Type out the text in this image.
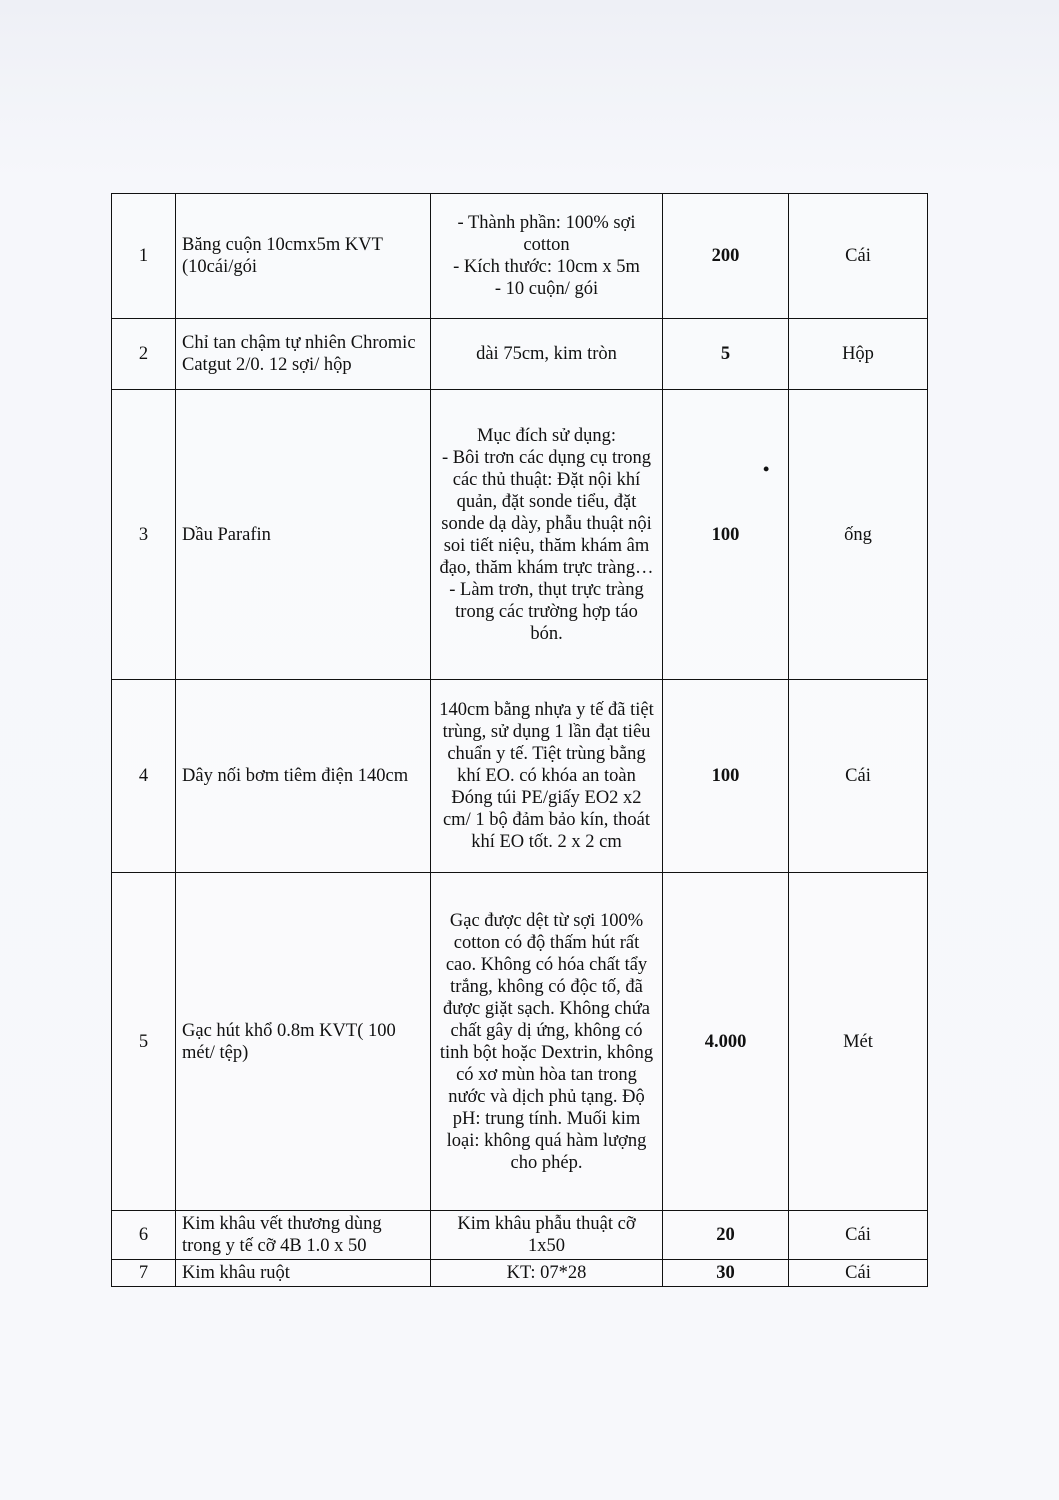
1	Băng cuộn 10cmx5m KVT (10cái/gói	- Thành phần: 100% sợi cotton
- Kích thước: 10cm x 5m
- 10 cuộn/ gói	200	Cái
2	Chỉ tan chậm tự nhiên Chromic Catgut 2/0. 12 sợi/ hộp	dài 75cm, kim tròn	5	Hộp
3	Dầu Parafin	Mục đích sử dụng:
- Bôi trơn các dụng cụ trong các thủ thuật: Đặt nội khí quản, đặt sonde tiểu, đặt sonde dạ dày, phẫu thuật nội soi tiết niệu, thăm khám âm đạo, thăm khám trực tràng…
- Làm trơn, thụt trực tràng trong các trường hợp táo bón.	100	ống
4	Dây nối bơm tiêm điện 140cm	140cm bằng nhựa y tế đã tiệt trùng, sử dụng 1 lần đạt tiêu chuẩn y tế. Tiệt trùng bằng khí EO. có khóa an toàn Đóng túi PE/giấy EO2 x2 cm/ 1 bộ đảm bảo kín, thoát khí EO tốt. 2 x 2 cm	100	Cái
5	Gạc hút khổ 0.8m KVT( 100 mét/ tệp)	Gạc được dệt từ sợi 100% cotton có độ thấm hút rất cao. Không có hóa chất tẩy trắng, không có độc tố, đã được giặt sạch. Không chứa chất gây dị ứng, không có tinh bột hoặc Dextrin, không có xơ mùn hòa tan trong nước và dịch phủ tạng. Độ pH: trung tính. Muối kim loại: không quá hàm lượng cho phép.	4.000	Mét
6	Kim khâu vết thương dùng trong y tế cỡ 4B 1.0 x 50	Kim khâu phẫu thuật cỡ 1x50	20	Cái
7	Kim khâu ruột	KT: 07*28	30	Cái
•
